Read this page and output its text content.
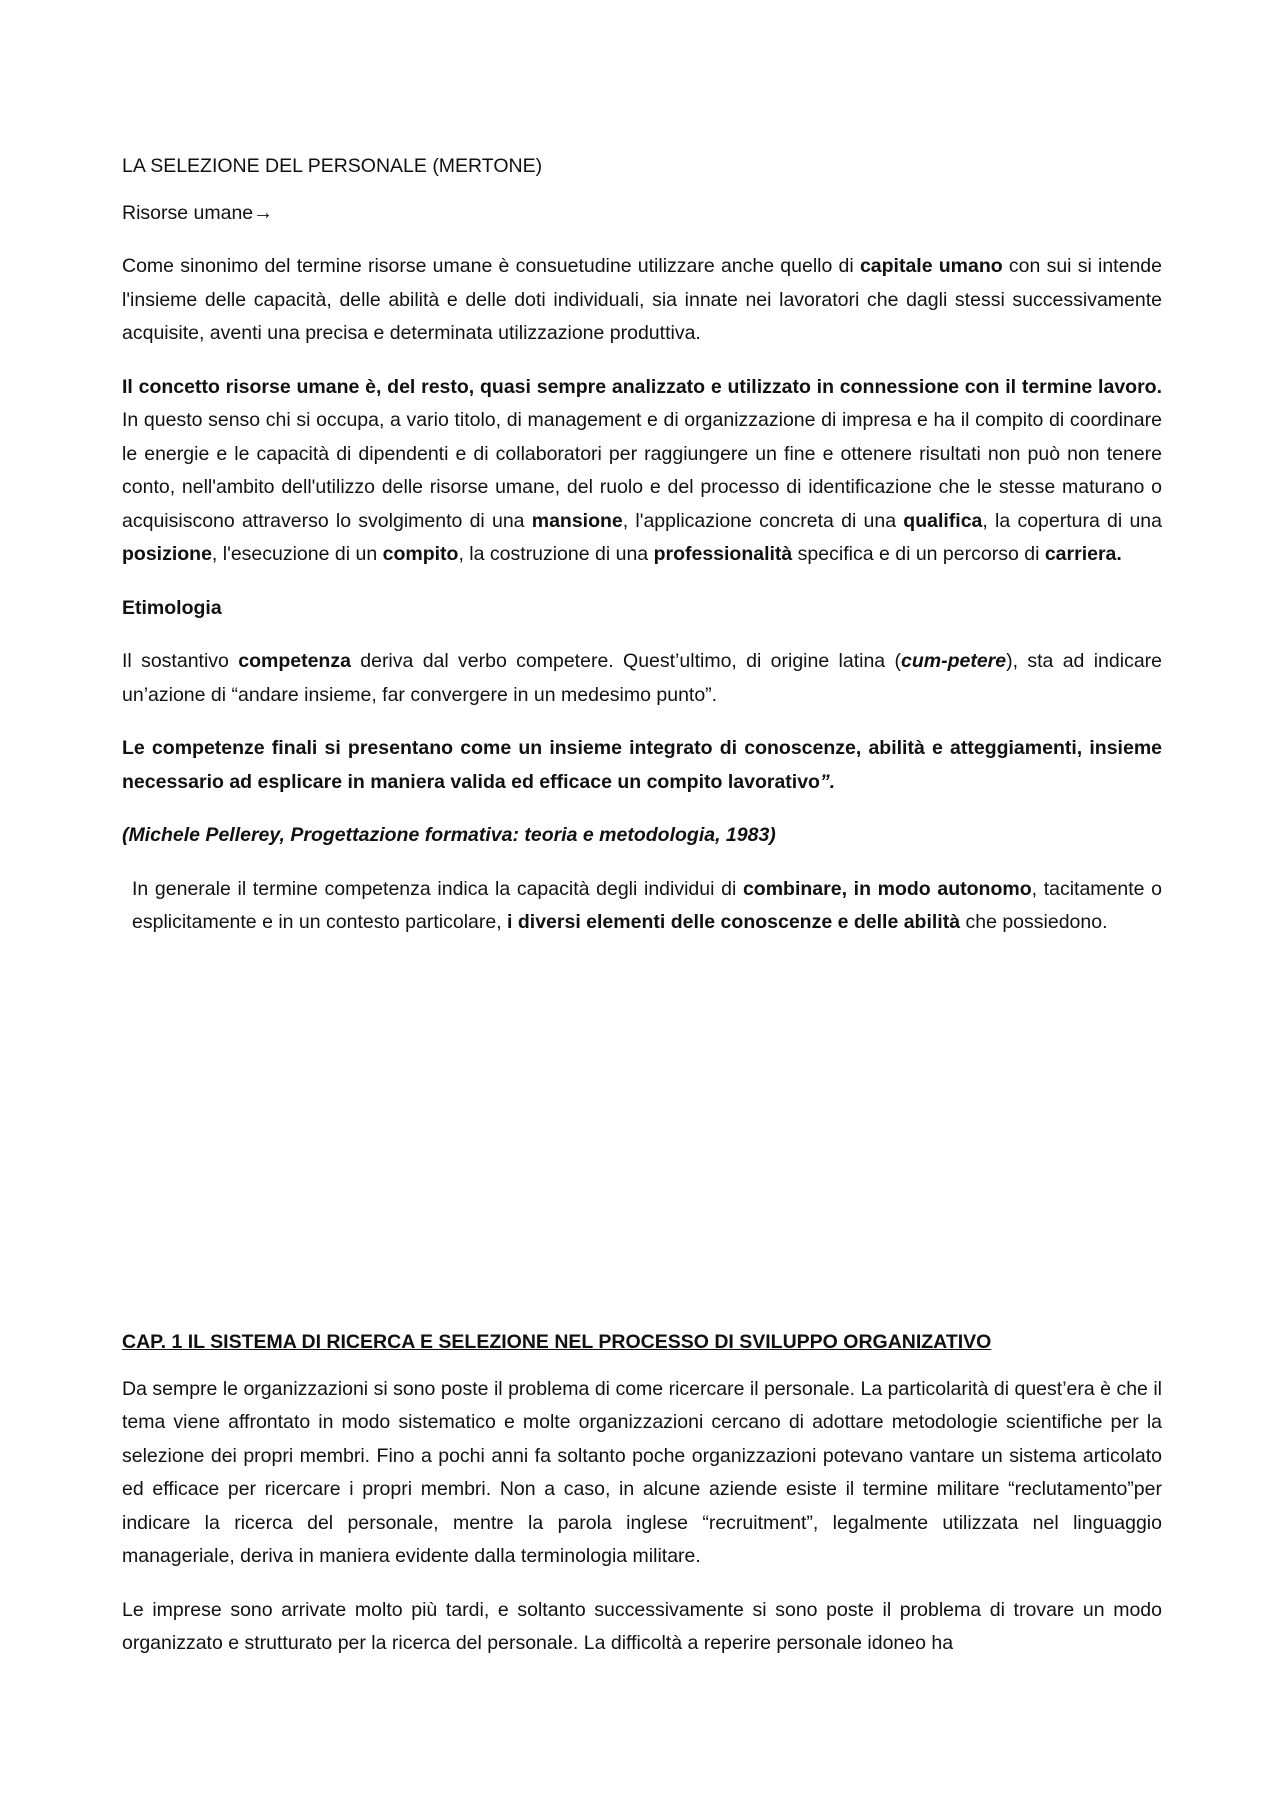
LA SELEZIONE DEL PERSONALE (MERTONE)

Risorse umane→

Come sinonimo del termine risorse umane è consuetudine utilizzare anche quello di capitale umano con sui si intende l'insieme delle capacità, delle abilità e delle doti individuali, sia innate nei lavoratori che dagli stessi successivamente acquisite, aventi una precisa e determinata utilizzazione produttiva.

Il concetto risorse umane è, del resto, quasi sempre analizzato e utilizzato in connessione con il termine lavoro. In questo senso chi si occupa, a vario titolo, di management e di organizzazione di impresa e ha il compito di coordinare le energie e le capacità di dipendenti e di collaboratori per raggiungere un fine e ottenere risultati non può non tenere conto, nell'ambito dell'utilizzo delle risorse umane, del ruolo e del processo di identificazione che le stesse maturano o acquisiscono attraverso lo svolgimento di una mansione, l'applicazione concreta di una qualifica, la copertura di una posizione, l'esecuzione di un compito, la costruzione di una professionalità specifica e di un percorso di carriera.

Etimologia

Il sostantivo competenza deriva dal verbo competere. Quest’ultimo, di origine latina (cum-petere), sta ad indicare un’azione di “andare insieme, far convergere in un medesimo punto”.

Le competenze finali si presentano come un insieme integrato di conoscenze, abilità e atteggiamenti, insieme necessario ad esplicare in maniera valida ed efficace un compito lavorativo”.

(Michele Pellerey, Progettazione formativa: teoria e metodologia, 1983)

In generale il termine competenza indica la capacità degli individui di combinare, in modo autonomo, tacitamente o esplicitamente e in un contesto particolare, i diversi elementi delle conoscenze e delle abilità che possiedono.

CAP. 1 IL SISTEMA DI RICERCA E SELEZIONE NEL PROCESSO DI SVILUPPO ORGANIZATIVO

Da sempre le organizzazioni si sono poste il problema di come ricercare il personale. La particolarità di quest’era è che il tema viene affrontato in modo sistematico e molte organizzazioni cercano di adottare metodologie scientifiche per la selezione dei propri membri. Fino a pochi anni fa soltanto poche organizzazioni potevano vantare un sistema articolato ed efficace per ricercare i propri membri. Non a caso, in alcune aziende esiste il termine militare “reclutamento”per indicare la ricerca del personale, mentre la parola inglese “recruitment”, legalmente utilizzata nel linguaggio manageriale, deriva in maniera evidente dalla terminologia militare.

Le imprese sono arrivate molto più tardi, e soltanto successivamente si sono poste il problema di trovare un modo organizzato e strutturato per la ricerca del personale. La difficoltà a reperire personale idoneo ha
